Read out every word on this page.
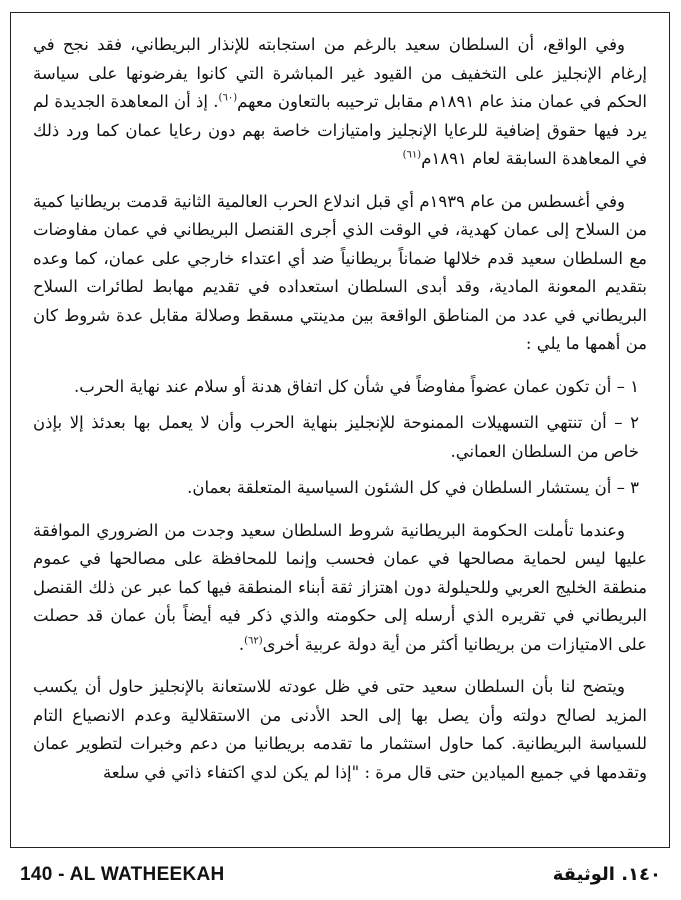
وفي الواقع، أن السلطان سعيد بالرغم من استجابته للإنذار البريطاني، فقد نجح في إرغام الإنجليز على التخفيف من القيود غير المباشرة التي كانوا يفرضونها على سياسة الحكم في عمان منذ عام ١٨٩١م مقابل ترحيبه بالتعاون معهم$^{(٦٠)}$. إذ أن المعاهدة الجديدة لم يرد فيها حقوق إضافية للرعايا الإنجليز وامتيازات خاصة بهم دون رعايا عمان كما ورد ذلك في المعاهدة السابقة لعام ١٨٩١م$^{(٦١)}$

وفي أغسطس من عام ١٩٣٩م أي قبل اندلاع الحرب العالمية الثانية قدمت بريطانيا كمية من السلاح إلى عمان كهدية، في الوقت الذي أجرى القنصل البريطاني في عمان مفاوضات مع السلطان سعيد قدم خلالها ضماناً بريطانياً ضد أي اعتداء خارجي على عمان، كما وعده بتقديم المعونة المادية، وقد أبدى السلطان استعداده في تقديم مهابط لطائرات السلاح البريطاني في عدد من المناطق الواقعة بين مدينتي مسقط وصلالة مقابل عدة شروط كان من أهمها ما يلي :

١ – أن تكون عمان عضواً مفاوضاً في شأن كل اتفاق هدنة أو سلام عند نهاية الحرب.

٢ – أن تنتهي التسهيلات الممنوحة للإنجليز بنهاية الحرب وأن لا يعمل بها بعدئذ إلا بإذن خاص من السلطان العماني.

٣ – أن يستشار السلطان في كل الشئون السياسية المتعلقة بعمان.

وعندما تأملت الحكومة البريطانية شروط السلطان سعيد وجدت من الضروري الموافقة عليها ليس لحماية مصالحها في عمان فحسب وإنما للمحافظة على مصالحها في عموم منطقة الخليج العربي وللحيلولة دون اهتزاز ثقة أبناء المنطقة فيها كما عبر عن ذلك القنصل البريطاني في تقريره الذي أرسله إلى حكومته والذي ذكر فيه أيضاً بأن عمان قد حصلت على الامتيازات من بريطانيا أكثر من أية دولة عربية أخرى$^{(٦٢)}$.

ويتضح لنا بأن السلطان سعيد حتى في ظل عودته للاستعانة بالإنجليز حاول أن يكسب المزيد لصالح دولته وأن يصل بها إلى الحد الأدنى من الاستقلالية وعدم الانصياع التام للسياسة البريطانية. كما حاول استثمار ما تقدمه بريطانيا من دعم وخبرات لتطوير عمان وتقدمها في جميع الميادين حتى قال مرة : "إذا لم يكن لدي اكتفاء ذاتي في سلعة

140 - AL WATHEEKAH	١٤٠. الوثيقة
